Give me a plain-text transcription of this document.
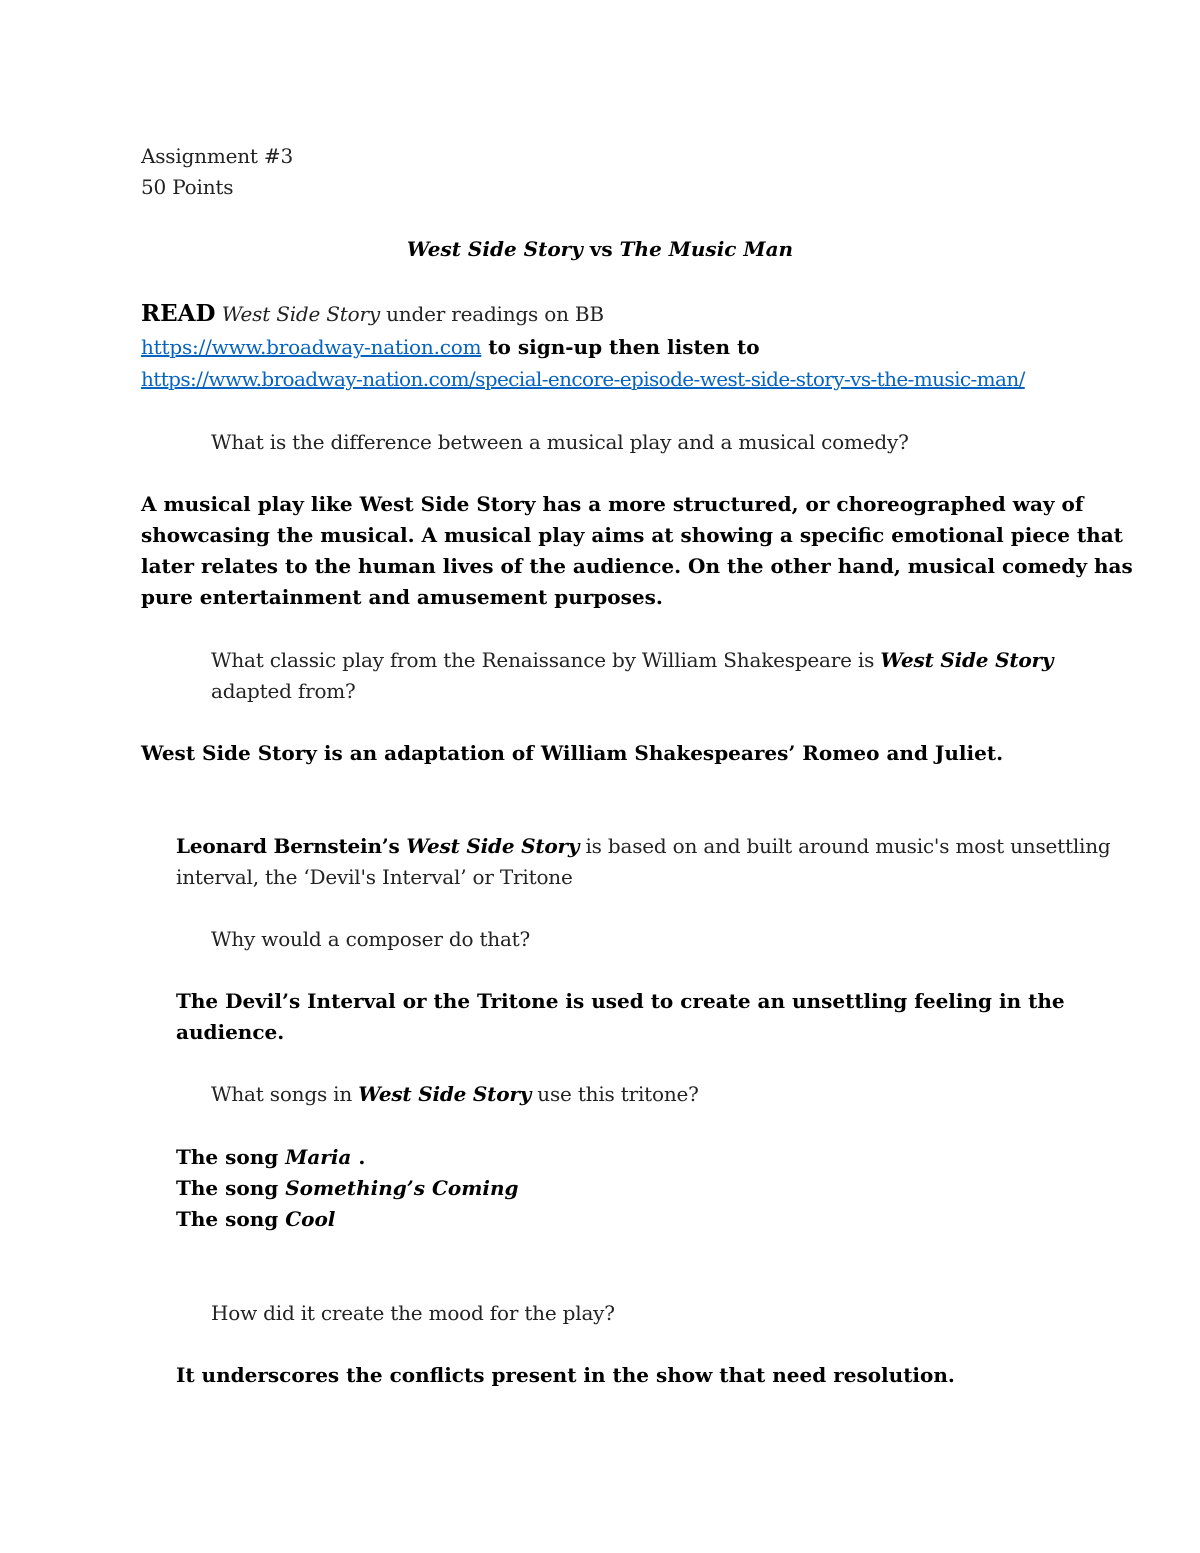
Assignment #3
50 Points
West Side Story vs The Music Man
READ West Side Story under readings on BB
https://www.broadway-nation.com to sign-up then listen to
https://www.broadway-nation.com/special-encore-episode-west-side-story-vs-the-music-man/
What is the difference between a musical play and a musical comedy?
A musical play like West Side Story has a more structured, or choreographed way of
showcasing the musical. A musical play aims at showing a specific emotional piece that
later relates to the human lives of the audience. On the other hand, musical comedy has
pure entertainment and amusement purposes.
What classic play from the Renaissance by William Shakespeare is West Side Story
adapted from?
West Side Story is an adaptation of William Shakespeares’ Romeo and Juliet.
Leonard Bernstein’s West Side Story is based on and built around music's most unsettling
interval, the ‘Devil's Interval’ or Tritone
Why would a composer do that?
The Devil’s Interval or the Tritone is used to create an unsettling feeling in the
audience.
What songs in West Side Story use this tritone?
The song Maria .
The song Something’s Coming
The song Cool
How did it create the mood for the play?
It underscores the conflicts present in the show that need resolution.
